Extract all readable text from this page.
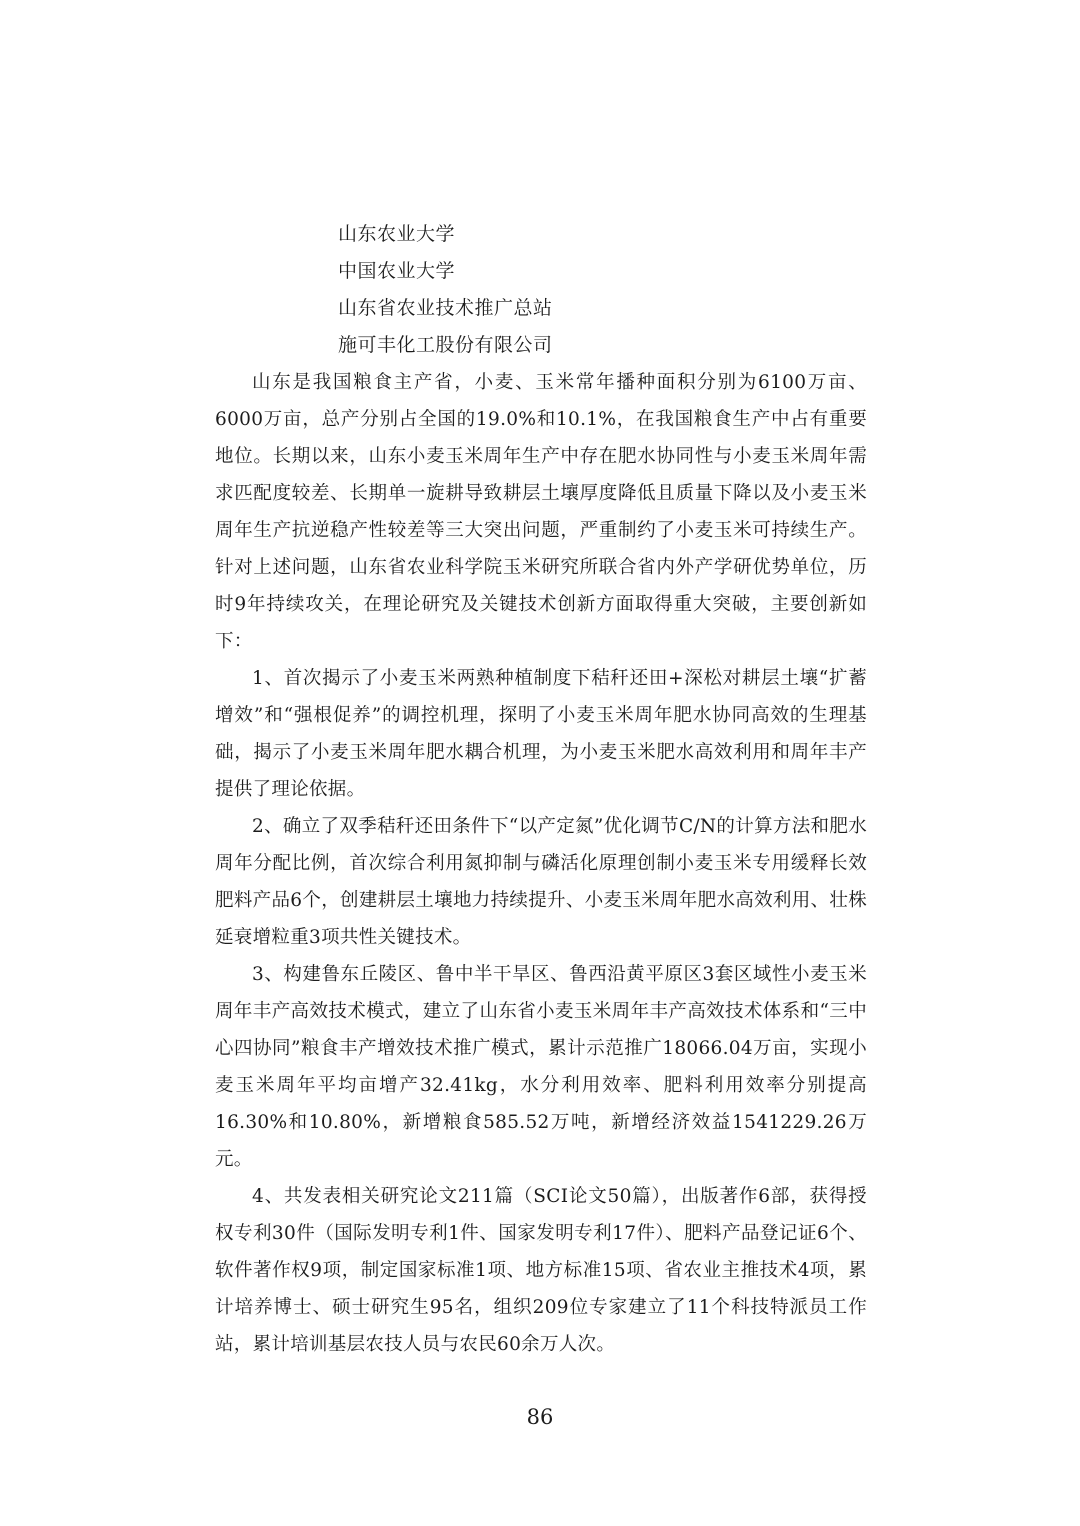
山东农业大学
中国农业大学
山东省农业技术推广总站
施可丰化工股份有限公司

山东是我国粮食主产省，小麦、玉米常年播种面积分别为6100万亩、6000万亩，总产分别占全国的19.0%和10.1%，在我国粮食生产中占有重要地位。长期以来，山东小麦玉米周年生产中存在肥水协同性与小麦玉米周年需求匹配度较差、长期单一旋耕导致耕层土壤厚度降低且质量下降以及小麦玉米周年生产抗逆稳产性较差等三大突出问题，严重制约了小麦玉米可持续生产。针对上述问题，山东省农业科学院玉米研究所联合省内外产学研优势单位，历时9年持续攻关，在理论研究及关键技术创新方面取得重大突破，主要创新如下：

1、首次揭示了小麦玉米两熟种植制度下秸秆还田+深松对耕层土壤“扩蓄增效”和“强根促养”的调控机理，探明了小麦玉米周年肥水协同高效的生理基础，揭示了小麦玉米周年肥水耦合机理，为小麦玉米肥水高效利用和周年丰产提供了理论依据。

2、确立了双季秸秆还田条件下“以产定氮”优化调节C/N的计算方法和肥水周年分配比例，首次综合利用氮抑制与磷活化原理创制小麦玉米专用缓释长效肥料产品6个，创建耕层土壤地力持续提升、小麦玉米周年肥水高效利用、壮株延衰增粒重3项共性关键技术。

3、构建鲁东丘陵区、鲁中半干旱区、鲁西沿黄平原区3套区域性小麦玉米周年丰产高效技术模式，建立了山东省小麦玉米周年丰产高效技术体系和“三中心四协同”粮食丰产增效技术推广模式，累计示范推广18066.04万亩，实现小麦玉米周年平均亩增产32.41kg，水分利用效率、肥料利用效率分别提高16.30%和10.80%，新增粮食585.52万吨，新增经济效益1541229.26万元。

4、共发表相关研究论文211篇（SCI论文50篇），出版著作6部，获得授权专利30件（国际发明专利1件、国家发明专利17件）、肥料产品登记证6个、软件著作权9项，制定国家标准1项、地方标准15项、省农业主推技术4项，累计培养博士、硕士研究生95名，组织209位专家建立了11个科技特派员工作站，累计培训基层农技人员与农民60余万人次。

86
